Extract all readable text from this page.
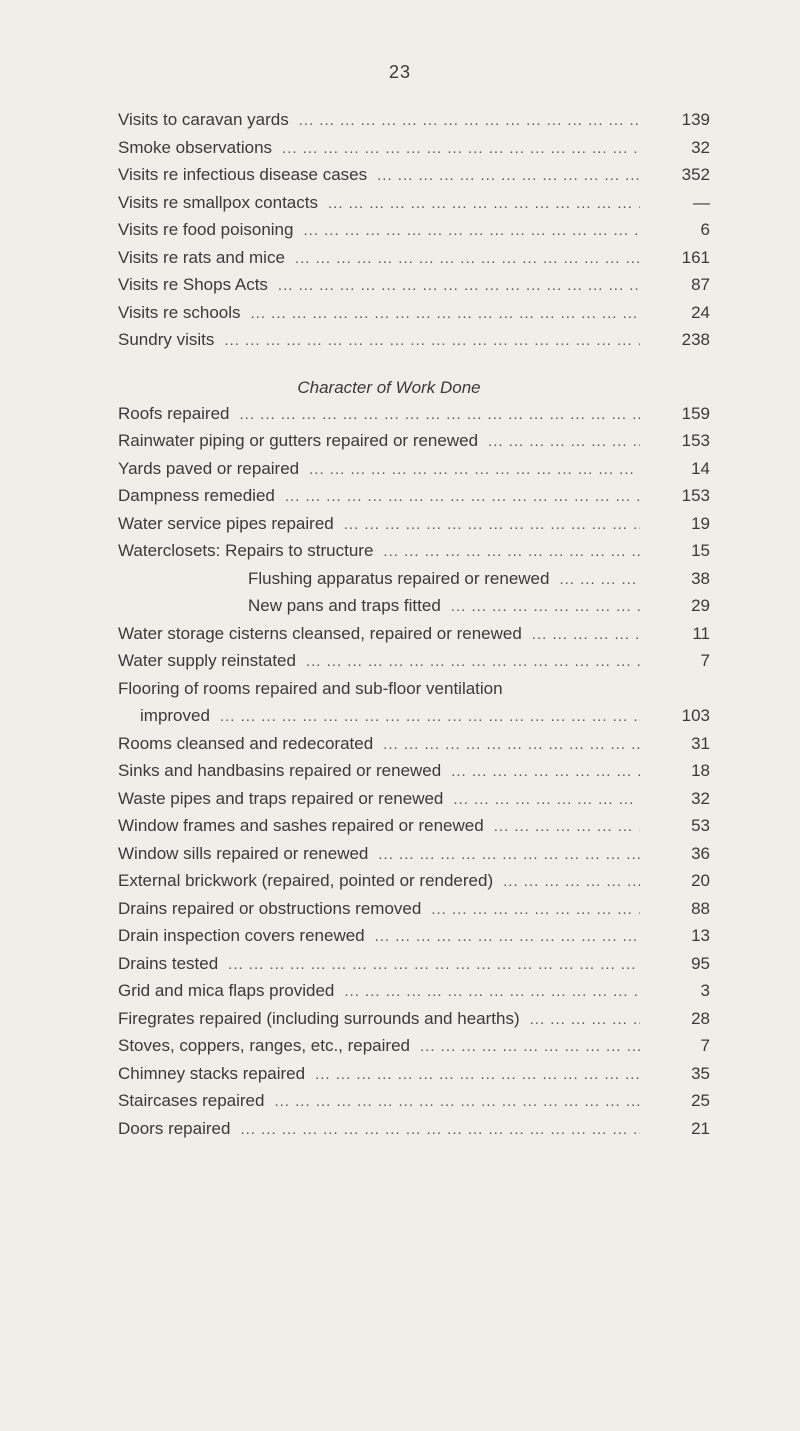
23
Visits to caravan yards ... .	139
Smoke observations ... .	32
Visits re infectious disease cases ... .	352
Visits re smallpox contacts ... .	—
Visits re food poisoning ... .	6
Visits re rats and mice ... .	161
Visits re Shops Acts ... .	87
Visits re schools ... .	24
Sundry visits ... .	238
Character of Work Done
Roofs repaired ... .	159
Rainwater piping or gutters repaired or renewed ... .	153
Yards paved or repaired ... .	14
Dampness remedied ... .	153
Water service pipes repaired ... .	19
Waterclosets: Repairs to structure ... .	15
Flushing apparatus repaired or renewed ... .	38
New pans and traps fitted ... .	29
Water storage cisterns cleansed, repaired or renewed ... .	11
Water supply reinstated ... .	7
Flooring of rooms repaired and sub-floor ventilation
improved ... .	103
Rooms cleansed and redecorated ... .	31
Sinks and handbasins repaired or renewed ... .	18
Waste pipes and traps repaired or renewed ... .	32
Window frames and sashes repaired or renewed ... .	53
Window sills repaired or renewed ... .	36
External brickwork (repaired, pointed or rendered) ... .	20
Drains repaired or obstructions removed ... .	88
Drain inspection covers renewed ... .	13
Drains tested ... .	95
Grid and mica flaps provided ... .	3
Firegrates repaired (including surrounds and hearths) ... .	28
Stoves, coppers, ranges, etc., repaired ... .	7
Chimney stacks repaired ... .	35
Staircases repaired ... .	25
Doors repaired ... .	21
